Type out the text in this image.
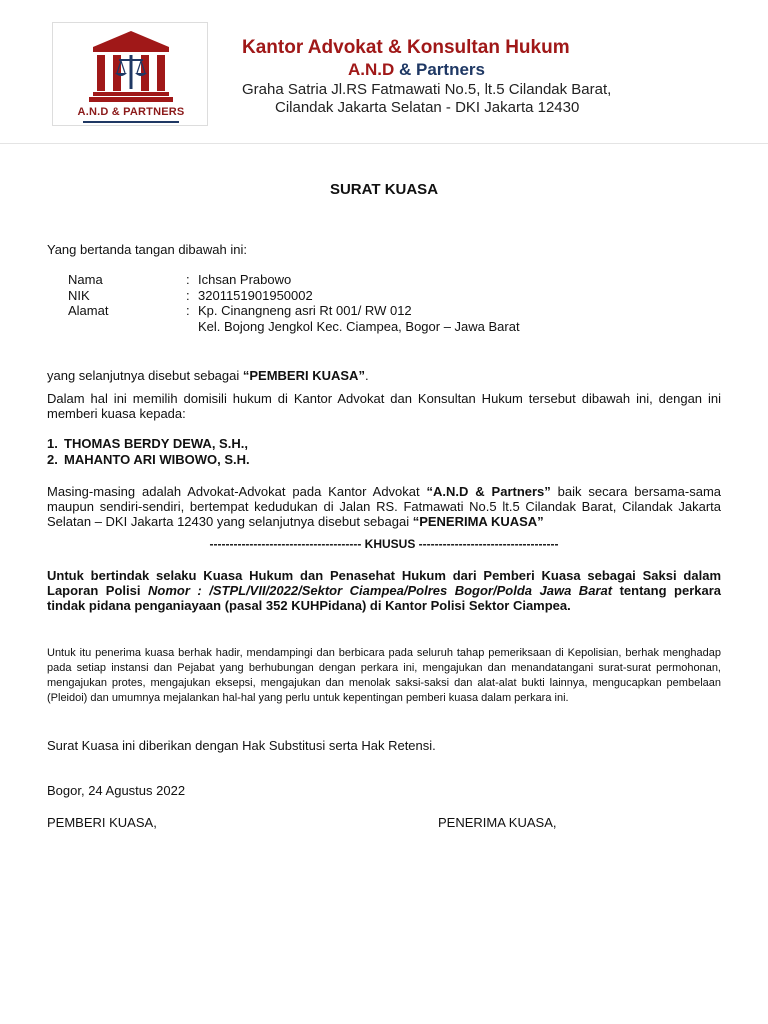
A.N.D & PARTNERS
Kantor Advokat & Konsultan Hukum
A.N.D & Partners
Graha Satria Jl.RS Fatmawati No.5, lt.5 Cilandak Barat,
Cilandak Jakarta Selatan - DKI Jakarta 12430
SURAT KUASA
Yang bertanda tangan dibawah ini:
Nama	: Ichsan Prabowo
NIK	: 3201151901950002
Alamat	: Kp. Cinangneng asri Rt 001/ RW 012
Kel. Bojong Jengkol Kec. Ciampea, Bogor – Jawa Barat
yang selanjutnya disebut sebagai “PEMBERI KUASA”.
Dalam hal ini memilih domisili hukum di Kantor Advokat dan Konsultan Hukum tersebut dibawah ini, dengan ini memberi kuasa kepada:
1. THOMAS BERDY DEWA, S.H.,
2. MAHANTO ARI WIBOWO, S.H.
Masing-masing adalah Advokat-Advokat pada Kantor Advokat “A.N.D & Partners” baik secara bersama-sama maupun sendiri-sendiri, bertempat kedudukan di Jalan RS. Fatmawati No.5 lt.5 Cilandak Barat, Cilandak Jakarta Selatan – DKI Jakarta 12430 yang selanjutnya disebut sebagai “PENERIMA KUASA”
-------------------------------------- KHUSUS -----------------------------------
Untuk bertindak selaku Kuasa Hukum dan Penasehat Hukum dari Pemberi Kuasa sebagai Saksi dalam Laporan Polisi Nomor : /STPL/VII/2022/Sektor Ciampea/Polres Bogor/Polda Jawa Barat tentang perkara tindak pidana penganiayaan (pasal 352 KUHPidana) di Kantor Polisi Sektor Ciampea.
Untuk itu penerima kuasa berhak hadir, mendampingi dan berbicara pada seluruh tahap pemeriksaan di Kepolisian, berhak menghadap pada setiap instansi dan Pejabat yang berhubungan dengan perkara ini, mengajukan dan menandatangani surat-surat permohonan, mengajukan protes, mengajukan eksepsi, mengajukan dan menolak saksi-saksi dan alat-alat bukti lainnya, mengucapkan pembelaan (Pleidoi) dan umumnya mejalankan hal-hal yang perlu untuk kepentingan pemberi kuasa dalam perkara ini.
Surat Kuasa ini diberikan dengan Hak Substitusi serta Hak Retensi.
Bogor, 24 Agustus 2022
PEMBERI KUASA,	PENERIMA KUASA,
